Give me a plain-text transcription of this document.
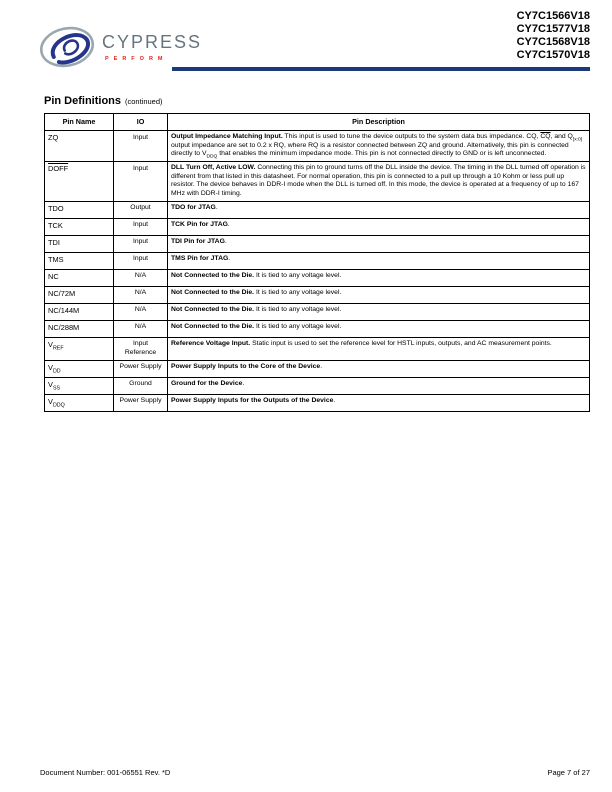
CYPRESS
PERFORM
CY7C1566V18
CY7C1577V18
CY7C1568V18
CY7C1570V18
Pin Definitions (continued)
Pin Name	IO	Pin Description
ZQ	Input	Output Impedance Matching Input. This input is used to tune the device outputs to the system data bus impedance. CQ, $\overline{CQ}$, and $Q_{[x:0]}$ output impedance are set to 0.2 x RQ, where RQ is a resistor connected between ZQ and ground. Alternatively, this pin is connected directly to $V_{DDQ}$ that enables the minimum impedance mode. This pin is not connected directly to GND or is left unconnected.
DOFF	Input	DLL Turn Off, Active LOW. Connecting this pin to ground turns off the DLL inside the device. The timing in the DLL turned off operation is different from that listed in this datasheet. For normal operation, this pin is connected to a pull up through a 10 Kohm or less pull up resistor. The device behaves in DDR-I mode when the DLL is turned off. In this mode, the device is operated at a frequency of up to 167 MHz with DDR-I timing.
TDO	Output	TDO for JTAG.
TCK	Input	TCK Pin for JTAG.
TDI	Input	TDI Pin for JTAG.
TMS	Input	TMS Pin for JTAG.
NC	N/A	Not Connected to the Die. It is tied to any voltage level.
NC/72M	N/A	Not Connected to the Die. It is tied to any voltage level.
NC/144M	N/A	Not Connected to the Die. It is tied to any voltage level.
NC/288M	N/A	Not Connected to the Die. It is tied to any voltage level.
$V_{REF}$	Input Reference	Reference Voltage Input. Static input is used to set the reference level for HSTL inputs, outputs, and AC measurement points.
$V_{DD}$	Power Supply	Power Supply Inputs to the Core of the Device.
$V_{SS}$	Ground	Ground for the Device.
$V_{DDQ}$	Power Supply	Power Supply Inputs for the Outputs of the Device.
Document Number: 001-06551 Rev. *D	Page 7 of 27
